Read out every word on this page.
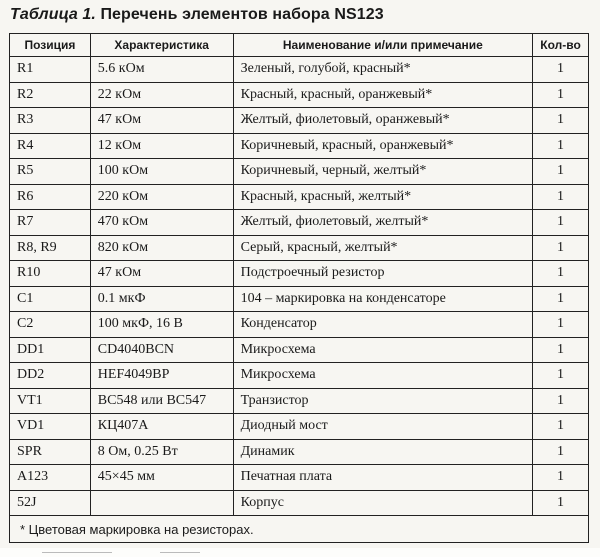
Таблица 1. Перечень элементов набора NS123
Позиция	Характеристика	Наименование и/или примечание	Кол-во
R1	5.6 кОм	Зеленый, голубой, красный*	1
R2	22 кОм	Красный, красный, оранжевый*	1
R3	47 кОм	Желтый, фиолетовый, оранжевый*	1
R4	12 кОм	Коричневый, красный, оранжевый*	1
R5	100 кОм	Коричневый, черный, желтый*	1
R6	220 кОм	Красный, красный, желтый*	1
R7	470 кОм	Желтый, фиолетовый, желтый*	1
R8, R9	820 кОм	Серый, красный, желтый*	1
R10	47 кОм	Подстроечный резистор	1
C1	0.1 мкФ	104 – маркировка на конденсаторе	1
C2	100 мкФ, 16 В	Конденсатор	1
DD1	CD4040BCN	Микросхема	1
DD2	HEF4049BP	Микросхема	1
VT1	BC548 или BC547	Транзистор	1
VD1	КЦ407А	Диодный мост	1
SPR	8 Ом, 0.25 Вт	Динамик	1
A123	45×45 мм	Печатная плата	1
52J		Корпус	1
* Цветовая маркировка на резисторах.			
